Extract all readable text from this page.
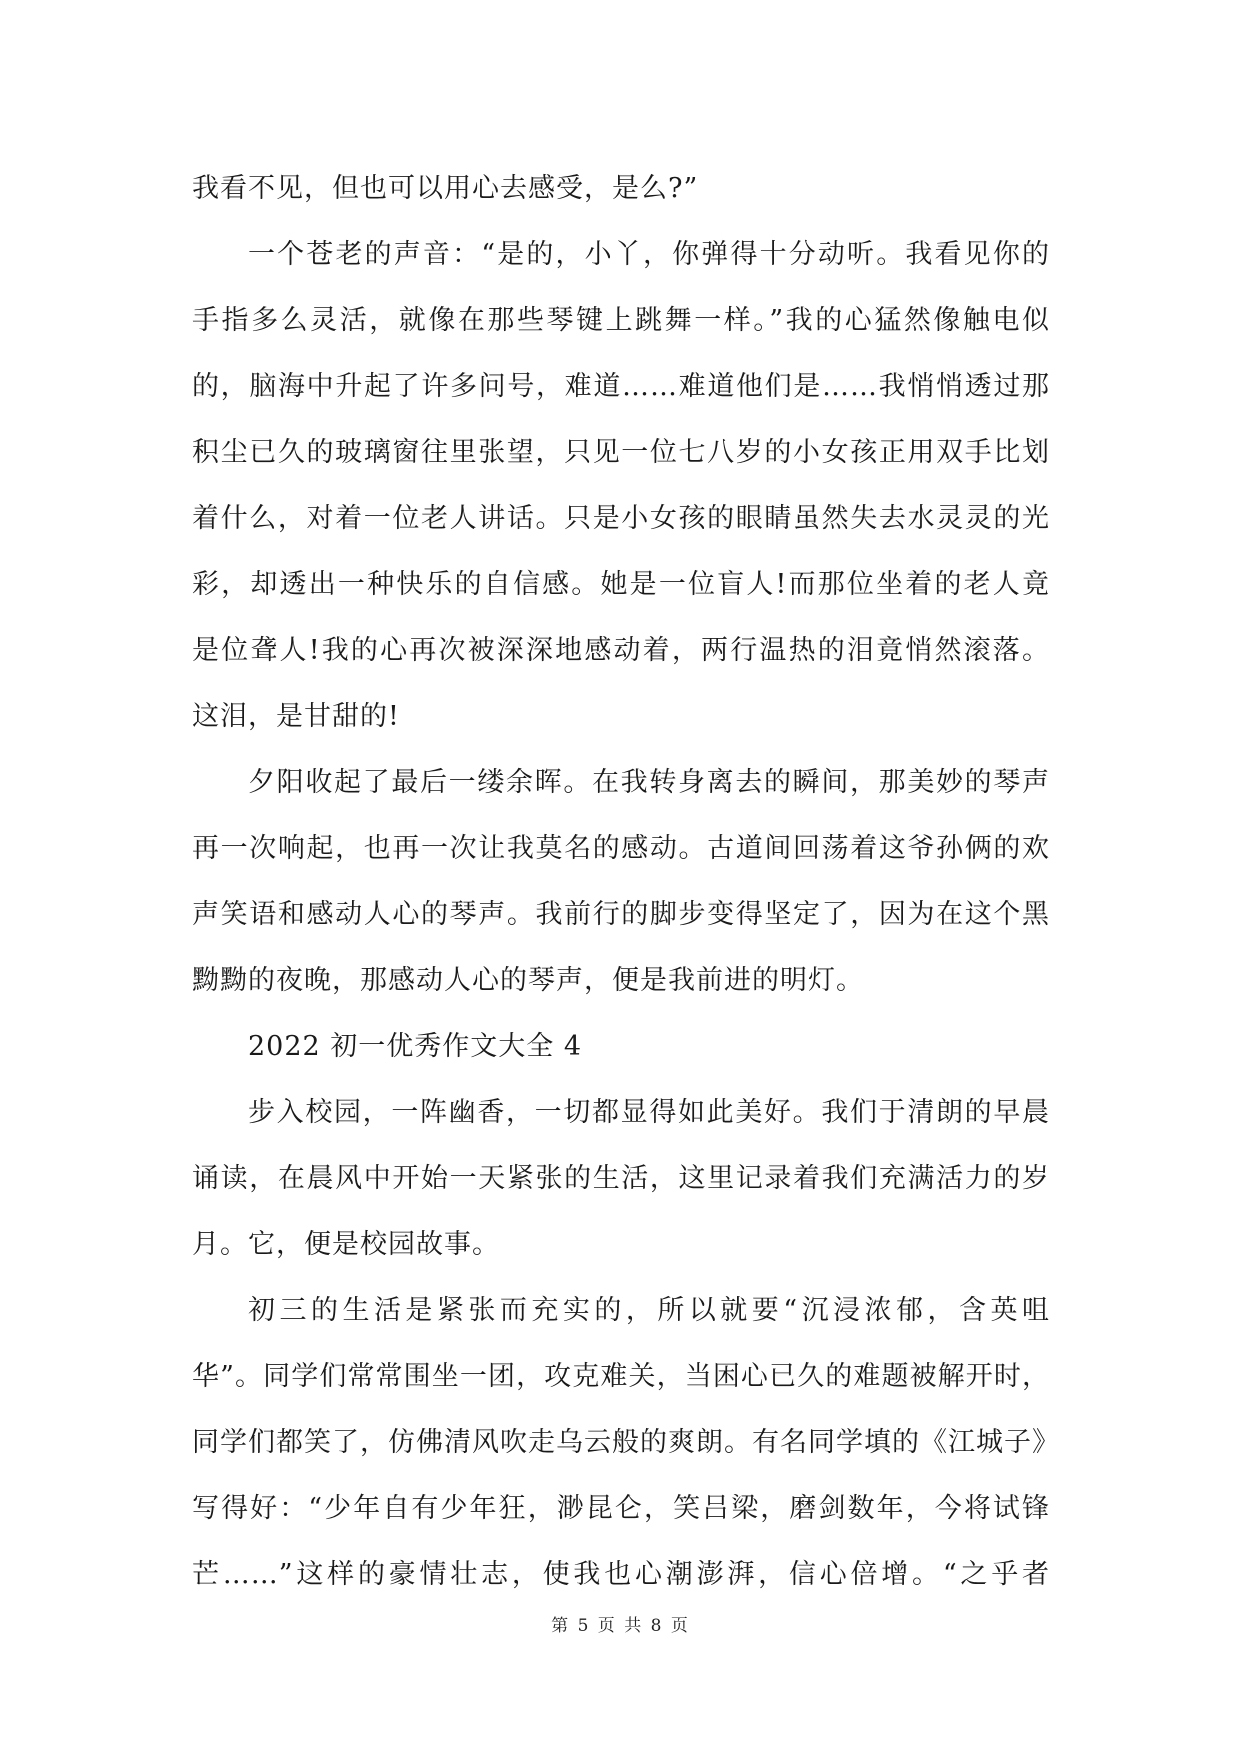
我看不见，但也可以用心去感受，是么?”
一个苍老的声音：“是的，小丫，你弹得十分动听。我看见你的
手指多么灵活，就像在那些琴键上跳舞一样。”我的心猛然像触电似
的，脑海中升起了许多问号，难道……难道他们是……我悄悄透过那
积尘已久的玻璃窗往里张望，只见一位七八岁的小女孩正用双手比划
着什么，对着一位老人讲话。只是小女孩的眼睛虽然失去水灵灵的光
彩，却透出一种快乐的自信感。她是一位盲人!而那位坐着的老人竟
是位聋人!我的心再次被深深地感动着，两行温热的泪竟悄然滚落。
这泪，是甘甜的!
夕阳收起了最后一缕余晖。在我转身离去的瞬间，那美妙的琴声
再一次响起，也再一次让我莫名的感动。古道间回荡着这爷孙俩的欢
声笑语和感动人心的琴声。我前行的脚步变得坚定了，因为在这个黑
黝黝的夜晚，那感动人心的琴声，便是我前进的明灯。
2022 初一优秀作文大全 4
步入校园，一阵幽香，一切都显得如此美好。我们于清朗的早晨
诵读，在晨风中开始一天紧张的生活，这里记录着我们充满活力的岁
月。它，便是校园故事。
初三的生活是紧张而充实的，所以就要“沉浸浓郁，含英咀
华”。同学们常常围坐一团，攻克难关，当困心已久的难题被解开时，
同学们都笑了，仿佛清风吹走乌云般的爽朗。有名同学填的《江城子》
写得好：“少年自有少年狂，渺昆仑，笑吕梁，磨剑数年，今将试锋
芒……”这样的豪情壮志，使我也心潮澎湃，信心倍增。“之乎者
第 5 页 共 8 页
